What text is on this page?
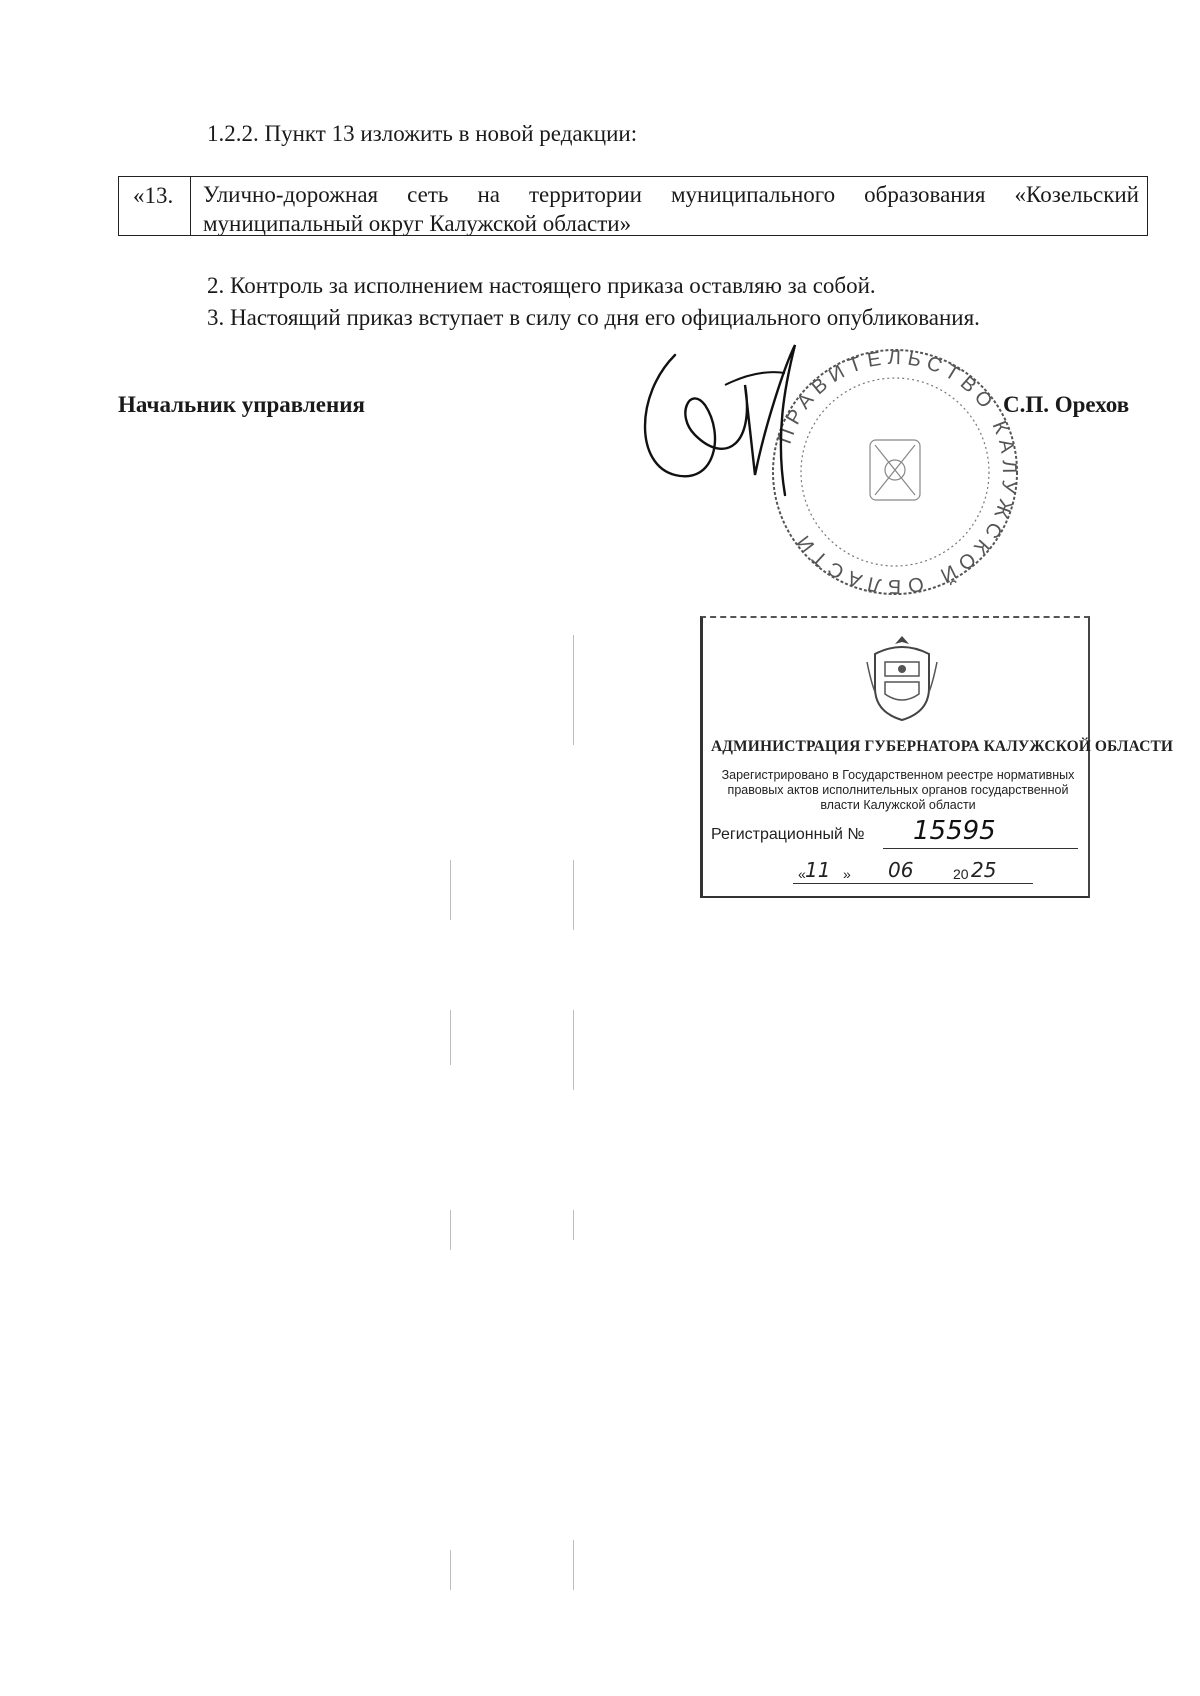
1.2.2. Пункт 13 изложить в новой редакции:
«13.	Улично-дорожная сеть на территории муниципального образования «Козельский муниципальный округ Калужской области»
2. Контроль за исполнением настоящего приказа оставляю за собой.
3. Настоящий приказ вступает в силу со дня его официального опубликования.
Начальник управления	С.П. Орехов
ПРАВИТЕЛЬСТВО КАЛУЖСКОЙ ОБЛАСТИ
АДМИНИСТРАЦИЯ ГУБЕРНАТОРА КАЛУЖСКОЙ ОБЛАСТИ
Зарегистрировано в Государственном реестре нормативных правовых актов исполнительных органов государственной власти Калужской области
Регистрационный № 15595
« 11 » 06	20 25
